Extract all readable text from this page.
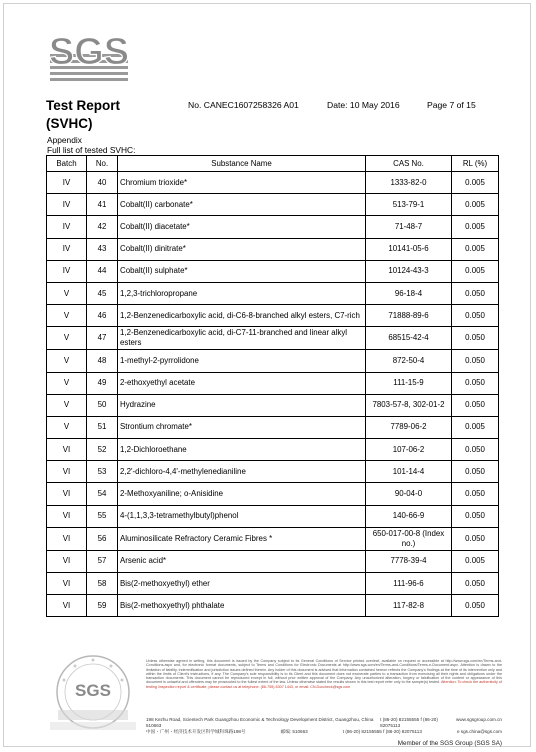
SGS
Test Report
(SVHC)
No. CANEC1607258326 A01	Date: 10 May 2016	Page 7 of 15
Appendix
Full list of tested SVHC:
Batch	No.	Substance Name	CAS No.	RL (%)
IV	40	Chromium trioxide*	1333-82-0	0.005
IV	41	Cobalt(II) carbonate*	513-79-1	0.005
IV	42	Cobalt(II) diacetate*	71-48-7	0.005
IV	43	Cobalt(II) dinitrate*	10141-05-6	0.005
IV	44	Cobalt(II) sulphate*	10124-43-3	0.005
V	45	1,2,3-trichloropropane	96-18-4	0.050
V	46	1,2-Benzenedicarboxylic acid, di-C6-8-branched alkyl esters, C7-rich	71888-89-6	0.050
V	47	1,2-Benzenedicarboxylic acid, di-C7-11-branched and linear alkyl esters	68515-42-4	0.050
V	48	1-methyl-2-pyrrolidone	872-50-4	0.050
V	49	2-ethoxyethyl acetate	111-15-9	0.050
V	50	Hydrazine	7803-57-8, 302-01-2	0.050
V	51	Strontium chromate*	7789-06-2	0.005
VI	52	1,2-Dichloroethane	107-06-2	0.050
VI	53	2,2'-dichloro-4,4'-methylenedianiline	101-14-4	0.050
VI	54	2-Methoxyaniline; o-Anisidine	90-04-0	0.050
VI	55	4-(1,1,3,3-tetramethylbutyl)phenol	140-66-9	0.050
VI	56	Aluminosilicate Refractory Ceramic Fibres *	650-017-00-8 (Index no.)	0.050
VI	57	Arsenic acid*	7778-39-4	0.005
VI	58	Bis(2-methoxyethyl) ether	111-96-6	0.050
VI	59	Bis(2-methoxyethyl) phthalate	117-82-8	0.050
SGS
Unless otherwise agreed in writing, this document is issued by the Company subject to its General Conditions of Service printed overleaf, available on request or accessible at http://www.sgs.com/en/Terms-and-Conditions.aspx and, for electronic format documents, subject to Terms and Conditions for Electronic Documents at http://www.sgs.com/en/Terms-and-Conditions/Terms-e-Document.aspx. Attention is drawn to the limitation of liability, indemnification and jurisdiction issues defined therein. Any holder of this document is advised that information contained hereon reflects the Company's findings at the time of its intervention only and within the limits of Client's instructions, if any. The Company's sole responsibility is to its Client and this document does not exonerate parties to a transaction from exercising all their rights and obligations under the transaction documents. This document cannot be reproduced except in full, without prior written approval of the Company. Any unauthorized alteration, forgery or falsification of the content or appearance of this document is unlawful and offenders may be prosecuted to the fullest extent of the law. Unless otherwise stated the results shown in this test report refer only to the sample(s) tested. Attention: To check the authenticity of testing /inspection report & certificate, please contact us at telephone: (86-755) 8307 1443, or email: CN.Doccheck@sgs.com
198 Kezhu Road, Scientech Park Guangzhou Economic & Technology Development District, Guangzhou, China 510663
t (86-20) 82155555 f (86-20) 82075113
www.sgsgroup.com.cn
中国・广州・经济技术开发区科学城科珠路198号	邮编: 510663	t (86-20) 82155555 f (86-20) 82075113	e sgs.china@sgs.com
Member of the SGS Group (SGS SA)
